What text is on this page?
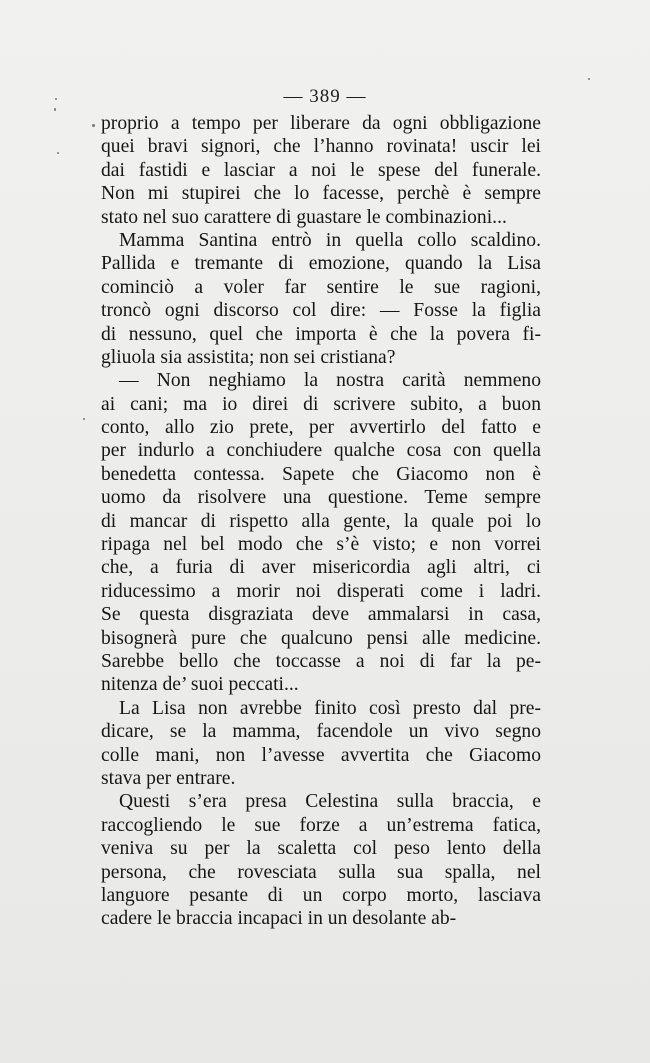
— 389 —
proprio a tempo per liberare da ogni obbligazione
quei bravi signori, che l’hanno rovinata! uscir lei
dai fastidi e lasciar a noi le spese del funerale.
Non mi stupirei che lo facesse, perchè è sempre
stato nel suo carattere di guastare le combinazioni...
Mamma Santina entrò in quella collo scaldino.
Pallida e tremante di emozione, quando la Lisa
cominciò a voler far sentire le sue ragioni,
troncò ogni discorso col dire: — Fosse la figlia
di nessuno, quel che importa è che la povera fi-
gliuola sia assistita; non sei cristiana?
— Non neghiamo la nostra carità nemmeno
ai cani; ma io direi di scrivere subito, a buon
conto, allo zio prete, per avvertirlo del fatto e
per indurlo a conchiudere qualche cosa con quella
benedetta contessa. Sapete che Giacomo non è
uomo da risolvere una questione. Teme sempre
di mancar di rispetto alla gente, la quale poi lo
ripaga nel bel modo che s’è visto; e non vorrei
che, a furia di aver misericordia agli altri, ci
riducessimo a morir noi disperati come i ladri.
Se questa disgraziata deve ammalarsi in casa,
bisognerà pure che qualcuno pensi alle medicine.
Sarebbe bello che toccasse a noi di far la pe-
nitenza de’ suoi peccati...
La Lisa non avrebbe finito così presto dal pre-
dicare, se la mamma, facendole un vivo segno
colle mani, non l’avesse avvertita che Giacomo
stava per entrare.
Questi s’era presa Celestina sulla braccia, e
raccogliendo le sue forze a un’estrema fatica,
veniva su per la scaletta col peso lento della
persona, che rovesciata sulla sua spalla, nel
languore pesante di un corpo morto, lasciava
cadere le braccia incapaci in un desolante ab-
